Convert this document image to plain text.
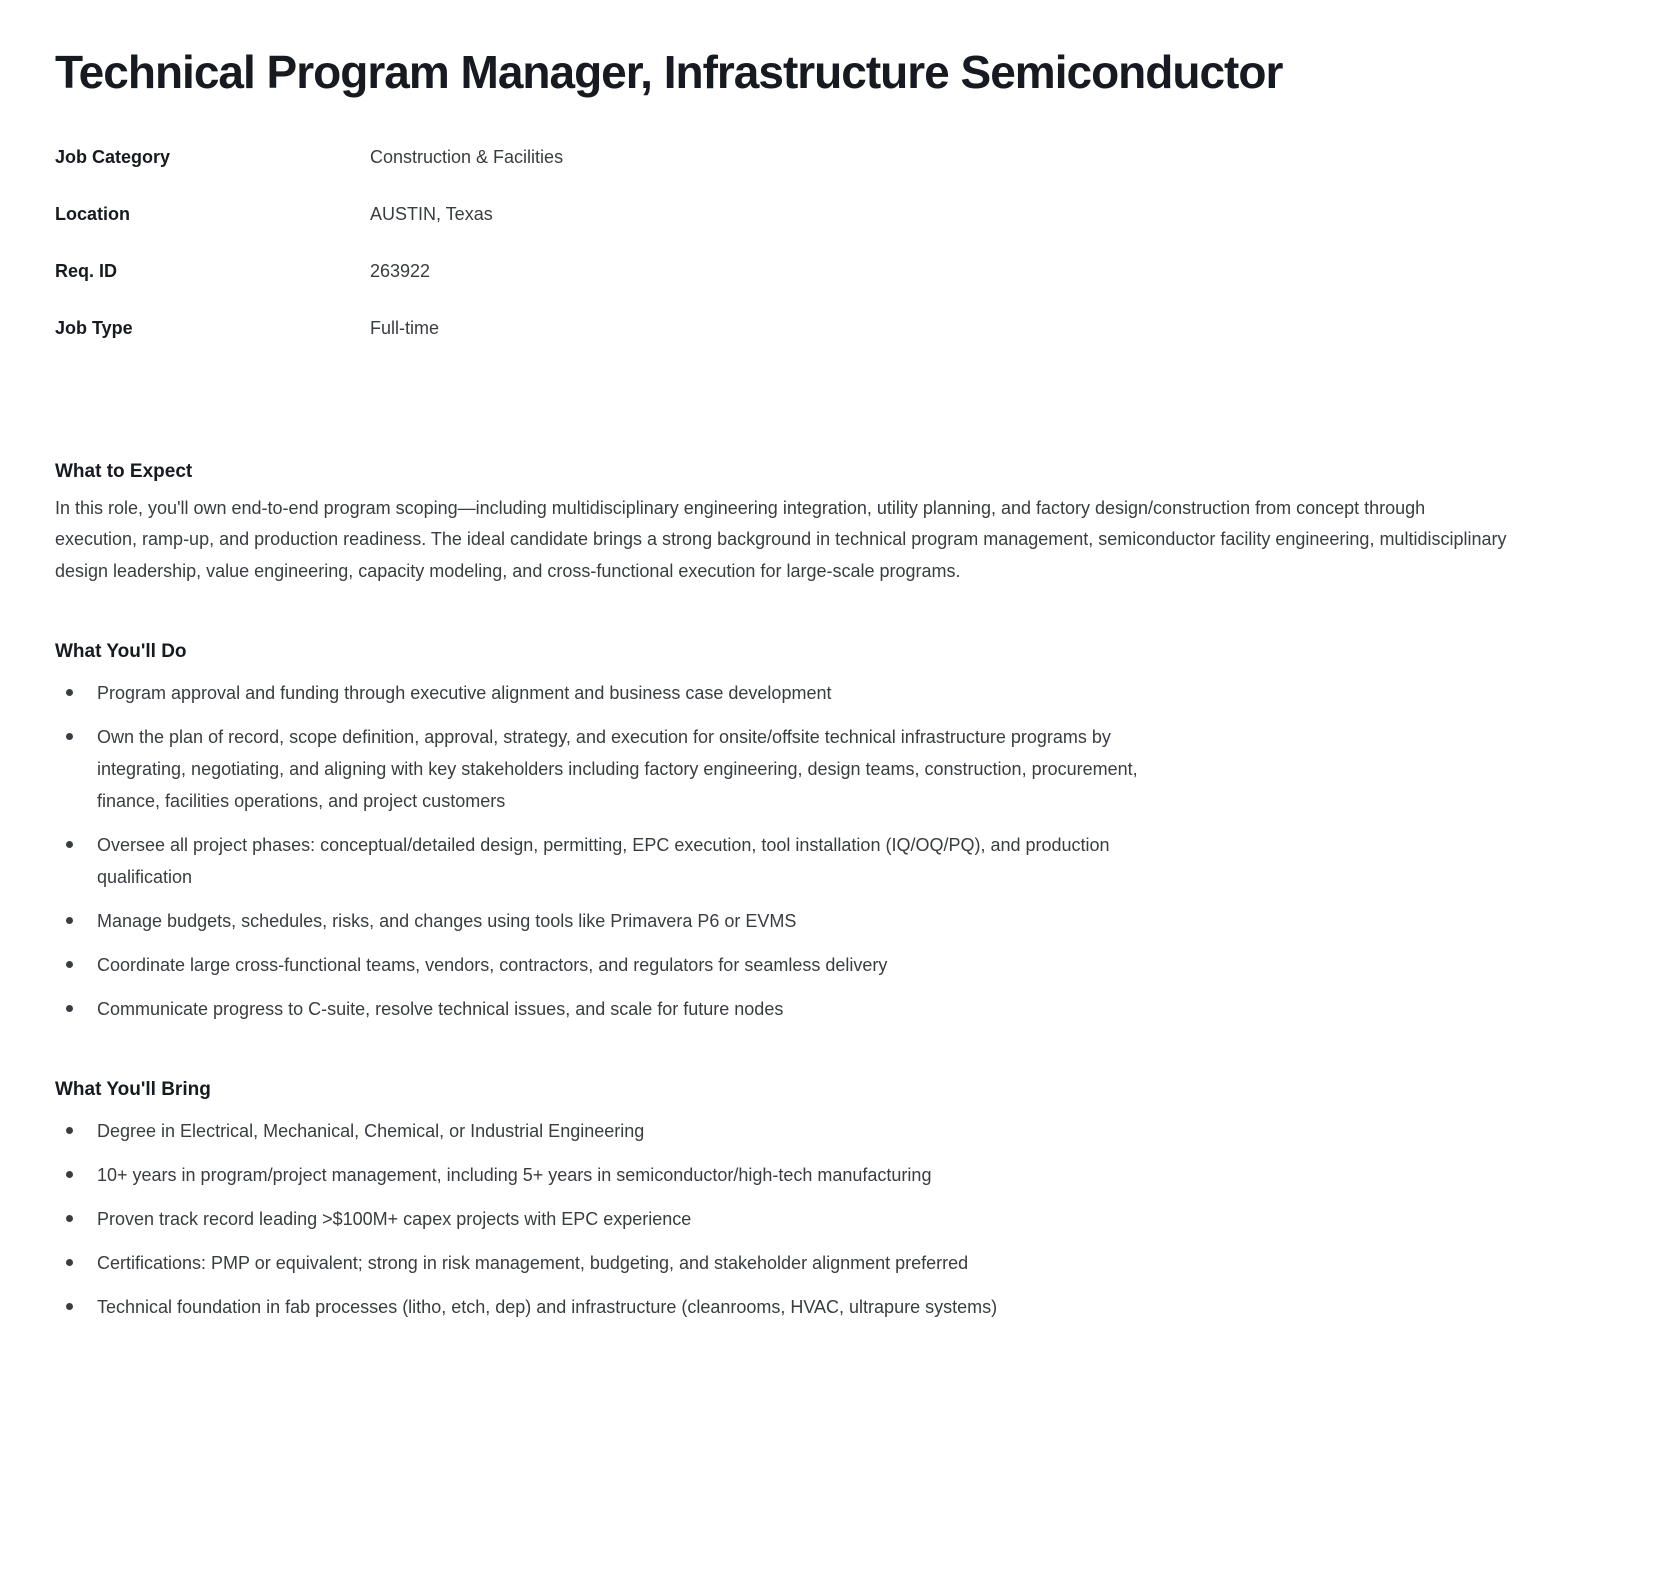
Technical Program Manager, Infrastructure Semiconductor
Job Category	Construction & Facilities
Location	AUSTIN, Texas
Req. ID	263922
Job Type	Full-time
What to Expect

In this role, you'll own end-to-end program scoping—including multidisciplinary engineering integration, utility planning, and factory design/construction from concept through execution, ramp-up, and production readiness. The ideal candidate brings a strong background in technical program management, semiconductor facility engineering, multidisciplinary design leadership, value engineering, capacity modeling, and cross-functional execution for large-scale programs.

What You'll Do
Program approval and funding through executive alignment and business case development
Own the plan of record, scope definition, approval, strategy, and execution for onsite/offsite technical infrastructure programs by integrating, negotiating, and aligning with key stakeholders including factory engineering, design teams, construction, procurement, finance, facilities operations, and project customers
Oversee all project phases: conceptual/detailed design, permitting, EPC execution, tool installation (IQ/OQ/PQ), and production qualification
Manage budgets, schedules, risks, and changes using tools like Primavera P6 or EVMS
Coordinate large cross-functional teams, vendors, contractors, and regulators for seamless delivery
Communicate progress to C-suite, resolve technical issues, and scale for future nodes
What You'll Bring
Degree in Electrical, Mechanical, Chemical, or Industrial Engineering
10+ years in program/project management, including 5+ years in semiconductor/high-tech manufacturing
Proven track record leading >$100M+ capex projects with EPC experience
Certifications: PMP or equivalent; strong in risk management, budgeting, and stakeholder alignment preferred
Technical foundation in fab processes (litho, etch, dep) and infrastructure (cleanrooms, HVAC, ultrapure systems)
